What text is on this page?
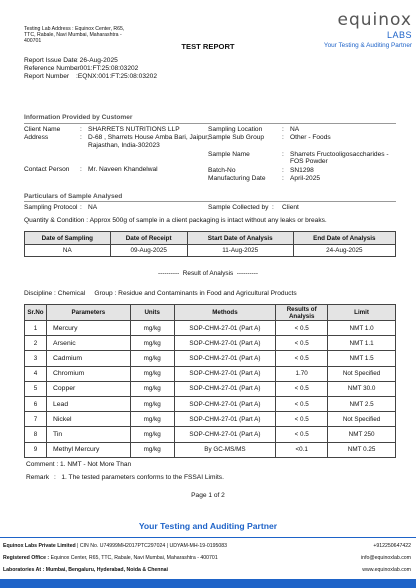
Testing Lab Address : Equinox Center, R65,
TTC, Rabale, Navi Mumbai, Maharashtra -
400701
equinox LABS
Your Testing & Auditing Partner
TEST REPORT
Report Issue Date: 26-Aug-2025
Reference Number: 001:FT:25:08:03202
Report Number :EQNX:001:FT:25:08:03202
Information Provided by Customer
Client Name	: SHARRETS NUTRITIONS LLP
Address	: D-68 , Sharrets House Amba Bari, Jaipur,
Rajasthan, India-302023
Contact Person : Mr. Naveen Khandelwal
Sampling Location	: NA
Sample Sub Group	: Other - Foods
Sample Name	: Sharrets Fructooligosaccharides -
FOS Powder
Batch-No	: SN1298
Manufacturing Date : April-2025
Particulars of Sample Analysed
Sampling Protocol : NA	Sample Collected by : Client
Quantity & Condition : Approx 500g of sample in a client packaging is intact without any leaks or breaks.
Date of Sampling	Date of Receipt	Start Date of Analysis	End Date of Analysis
NA	09-Aug-2025	11-Aug-2025	24-Aug-2025
----------  Result of Analysis  ----------
Discipline : Chemical     Group : Residue and Contaminants in Food and Agricultural Products
Sr.No	Parameters	Units	Methods	Results of Analysis	Limit
1	Mercury	mg/kg	SOP-CHM-27-01 (Part A)	< 0.5	NMT 1.0
2	Arsenic	mg/kg	SOP-CHM-27-01 (Part A)	< 0.5	NMT 1.1
3	Cadmium	mg/kg	SOP-CHM-27-01 (Part A)	< 0.5	NMT 1.5
4	Chromium	mg/kg	SOP-CHM-27-01 (Part A)	1.70	Not Specified
5	Copper	mg/kg	SOP-CHM-27-01 (Part A)	< 0.5	NMT 30.0
6	Lead	mg/kg	SOP-CHM-27-01 (Part A)	< 0.5	NMT 2.5
7	Nickel	mg/kg	SOP-CHM-27-01 (Part A)	< 0.5	Not Specified
8	Tin	mg/kg	SOP-CHM-27-01 (Part A)	< 0.5	NMT 250
9	Methyl Mercury	mg/kg	By GC-MS/MS	<0.1	NMT 0.25
Comment : 1. NMT - Not More Than
Remark :   1. The tested parameters conforms to the FSSAI Limits.
Page 1 of 2
Your Testing and Auditing Partner
Equinox Labs Private Limited | CIN No. U74999MH2017PTC297024 | UDYAM-MH-19-0195083	+912250647422
Registered Office : Equinox Center, R65, TTC, Rabale, Navi Mumbai, Maharashtra - 400701	info@equinoxlab.com
Laboratories At : Mumbai, Bengaluru, Hyderabad, Noida & Chennai	www.equinoxlab.com
